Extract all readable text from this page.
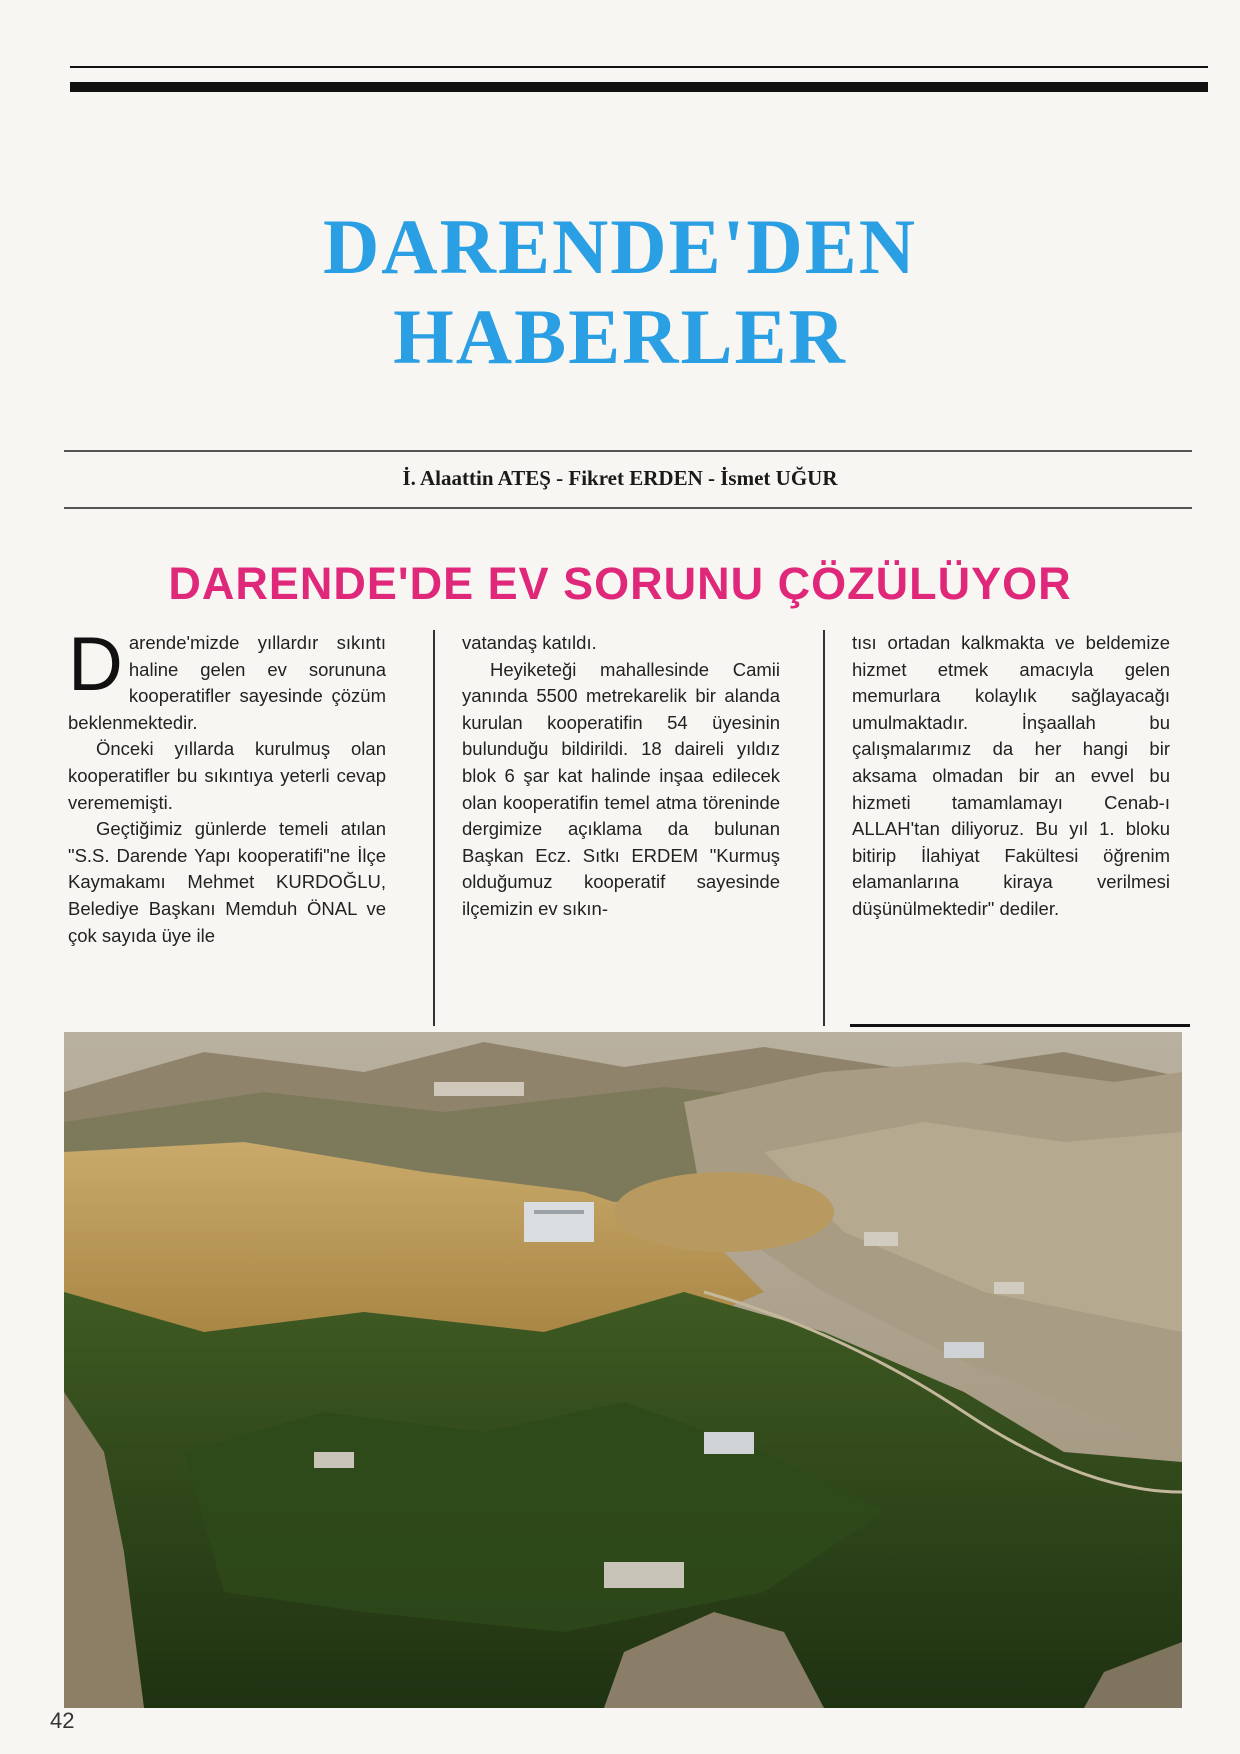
DARENDE'DEN
HABERLER
İ. Alaattin ATEŞ - Fikret ERDEN - İsmet UĞUR
DARENDE'DE EV SORUNU ÇÖZÜLÜYOR

D arende'mizde yıllardır sıkıntı haline gelen ev sorununa kooperatifler sayesinde çözüm beklenmektedir.

Önceki yıllarda kurulmuş olan kooperatifler bu sıkıntıya yeterli cevap verememişti.

Geçtiğimiz günlerde temeli atılan "S.S. Darende Yapı kooperatifi"ne İlçe Kaymakamı Mehmet KURDOĞLU, Belediye Başkanı Memduh ÖNAL ve çok sayıda üye ile

vatandaş katıldı.

Heyiketeği mahallesinde Camii yanında 5500 metrekarelik bir alanda kurulan kooperatifin 54 üyesinin bulunduğu bildirildi. 18 daireli yıldız blok 6 şar kat halinde inşaa edilecek olan kooperatifin temel atma töreninde dergimize açıklama da bulunan Başkan Ecz. Sıtkı ERDEM "Kurmuş olduğumuz kooperatif sayesinde ilçemizin ev sıkın-

tısı ortadan kalkmakta ve beldemize hizmet etmek amacıyla gelen memurlara kolaylık sağlayacağı umulmaktadır. İnşaallah bu çalışmalarımız da her hangi bir aksama olmadan bir an evvel bu hizmeti tamamlamayı Cenab-ı ALLAH'tan diliyoruz. Bu yıl 1. bloku bitirip İlahiyat Fakültesi öğrenim elamanlarına kiraya verilmesi düşünülmektedir" dediler.

42
